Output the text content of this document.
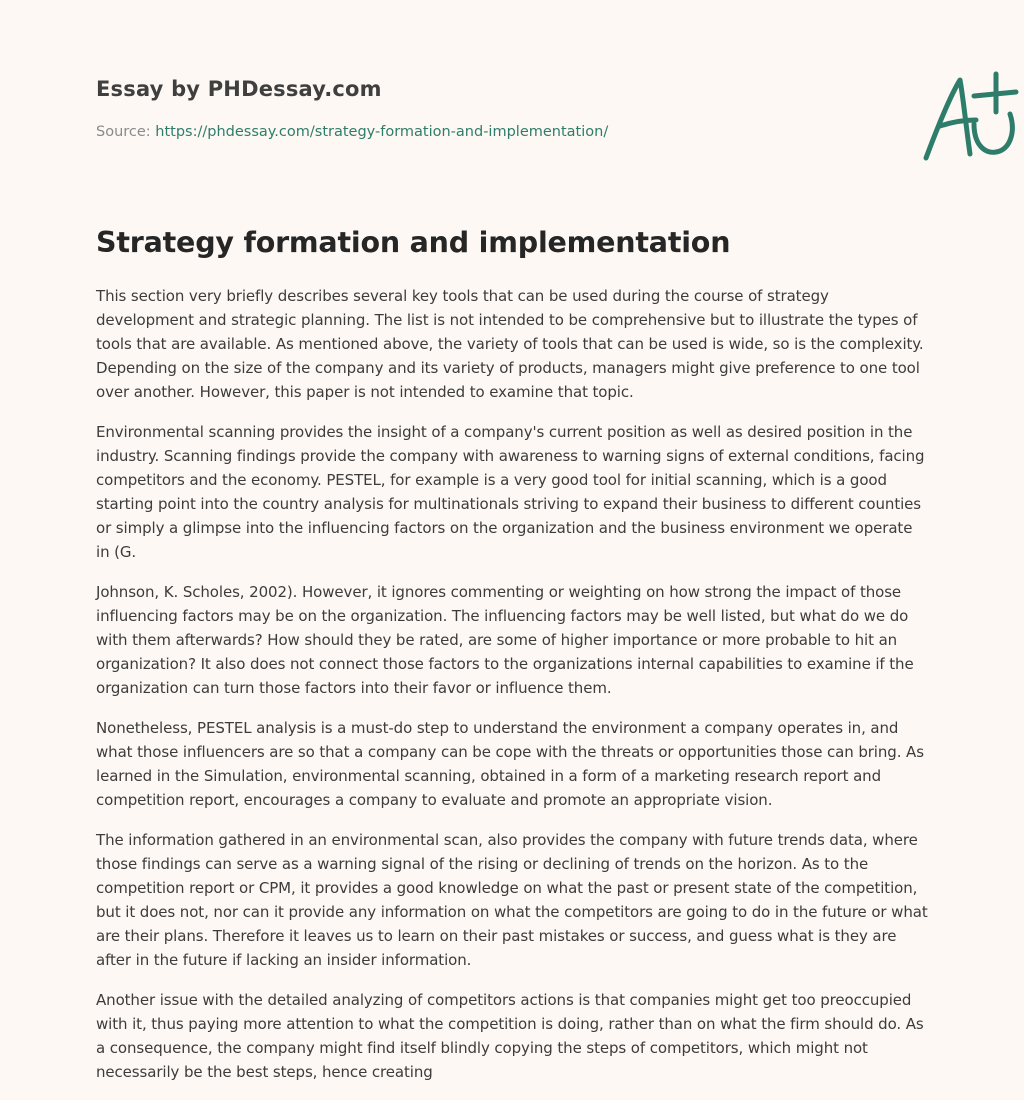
Essay by PHDessay.com
Source: https://phdessay.com/strategy-formation-and-implementation/
Strategy formation and implementation

This section very briefly describes several key tools that can be used during the course of strategy development and strategic planning. The list is not intended to be comprehensive but to illustrate the types of tools that are available. As mentioned above, the variety of tools that can be used is wide, so is the complexity. Depending on the size of the company and its variety of products, managers might give preference to one tool over another. However, this paper is not intended to examine that topic.

Environmental scanning provides the insight of a company's current position as well as desired position in the industry. Scanning findings provide the company with awareness to warning signs of external conditions, facing competitors and the economy. PESTEL, for example is a very good tool for initial scanning, which is a good starting point into the country analysis for multinationals striving to expand their business to different counties or simply a glimpse into the influencing factors on the organization and the business environment we operate in (G.

Johnson, K. Scholes, 2002). However, it ignores commenting or weighting on how strong the impact of those influencing factors may be on the organization. The influencing factors may be well listed, but what do we do with them afterwards? How should they be rated, are some of higher importance or more probable to hit an organization? It also does not connect those factors to the organizations internal capabilities to examine if the organization can turn those factors into their favor or influence them.

Nonetheless, PESTEL analysis is a must-do step to understand the environment a company operates in, and what those influencers are so that a company can be cope with the threats or opportunities those can bring. As learned in the Simulation, environmental scanning, obtained in a form of a marketing research report and competition report, encourages a company to evaluate and promote an appropriate vision.

The information gathered in an environmental scan, also provides the company with future trends data, where those findings can serve as a warning signal of the rising or declining of trends on the horizon. As to the competition report or CPM, it provides a good knowledge on what the past or present state of the competition, but it does not, nor can it provide any information on what the competitors are going to do in the future or what are their plans. Therefore it leaves us to learn on their past mistakes or success, and guess what is they are after in the future if lacking an insider information.

Another issue with the detailed analyzing of competitors actions is that companies might get too preoccupied with it, thus paying more attention to what the competition is doing, rather than on what the firm should do. As a consequence, the company might find itself blindly copying the steps of competitors, which might not necessarily be the best steps, hence creating
